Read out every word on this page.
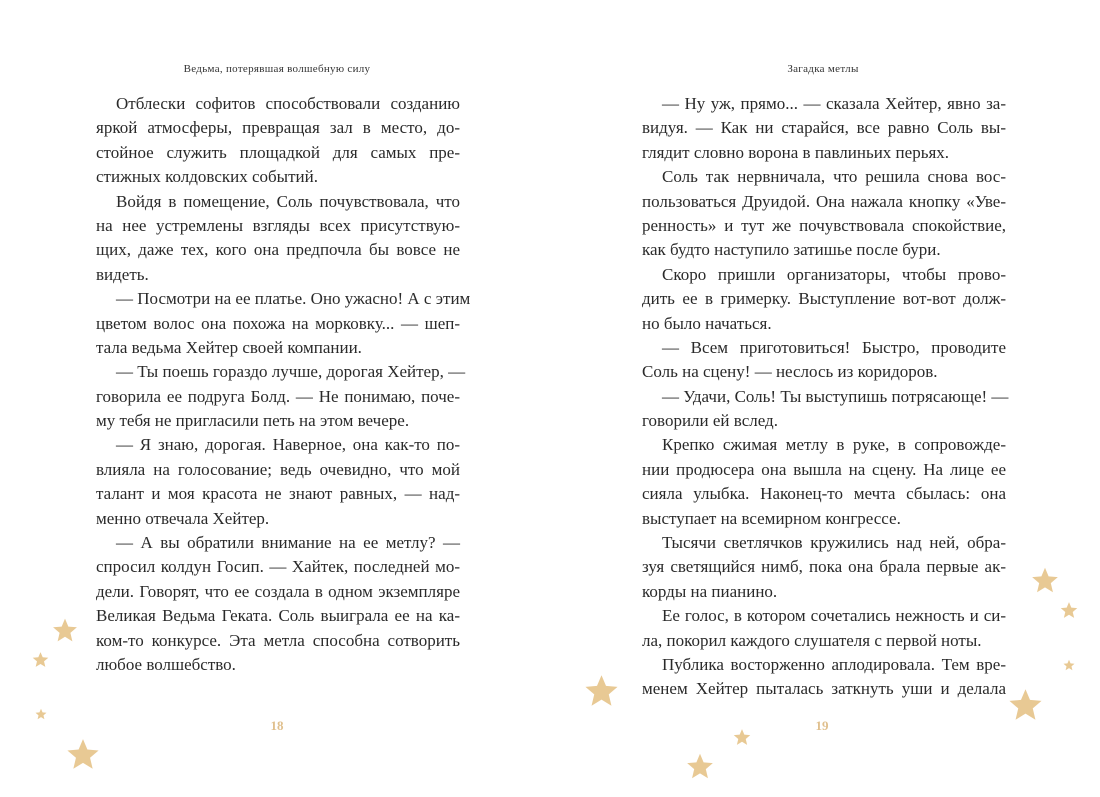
Ведьма, потерявшая волшебную силу
Отблески софитов способствовали созданию
яркой атмосферы, превращая зал в место, до-
стойное служить площадкой для самых пре-
стижных колдовских событий.
Войдя в помещение, Соль почувствовала, что
на нее устремлены взгляды всех присутствую-
щих, даже тех, кого она предпочла бы вовсе не
видеть.
— Посмотри на ее платье. Оно ужасно! А с этим
цветом волос она похожа на морковку... — шеп-
тала ведьма Хейтер своей компании.
— Ты поешь гораздо лучше, дорогая Хейтер, —
говорила ее подруга Болд. — Не понимаю, поче-
му тебя не пригласили петь на этом вечере.
— Я знаю, дорогая. Наверное, она как-то по-
влияла на голосование; ведь очевидно, что мой
талант и моя красота не знают равных, — над-
менно отвечала Хейтер.
— А вы обратили внимание на ее метлу? —
спросил колдун Госип. — Хайтек, последней мо-
дели. Говорят, что ее создала в одном экземпляре
Великая Ведьма Геката. Соль выиграла ее на ка-
ком-то конкурсе. Эта метла способна сотворить
любое волшебство.
18
Загадка метлы
— Ну уж, прямо... — сказала Хейтер, явно за-
видуя. — Как ни старайся, все равно Соль вы-
глядит словно ворона в павлиньих перьях.
Соль так нервничала, что решила снова вос-
пользоваться Друидой. Она нажала кнопку «Уве-
ренность» и тут же почувствовала спокойствие,
как будто наступило затишье после бури.
Скоро пришли организаторы, чтобы прово-
дить ее в гримерку. Выступление вот-вот долж-
но было начаться.
— Всем приготовиться! Быстро, проводите
Соль на сцену! — неслось из коридоров.
— Удачи, Соль! Ты выступишь потрясающе! —
говорили ей вслед.
Крепко сжимая метлу в руке, в сопровожде-
нии продюсера она вышла на сцену. На лице ее
сияла улыбка. Наконец-то мечта сбылась: она
выступает на всемирном конгрессе.
Тысячи светлячков кружились над ней, обра-
зуя светящийся нимб, пока она брала первые ак-
корды на пианино.
Ее голос, в котором сочетались нежность и си-
ла, покорил каждого слушателя с первой ноты.
Публика восторженно аплодировала. Тем вре-
менем Хейтер пыталась заткнуть уши и делала
19
